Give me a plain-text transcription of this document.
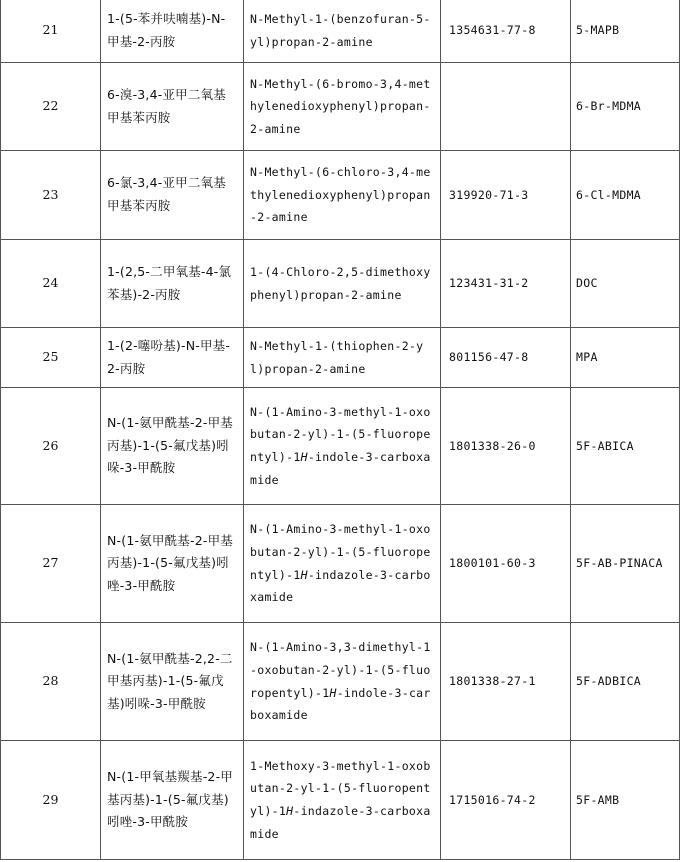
21	1-(5-苯并呋喃基)-N-甲基-2-丙胺	N-Methyl-1-(benzofuran-5-yl)propan-2-amine	1354631-77-8	5-MAPB
22	6-溴-3,4-亚甲二氧基甲基苯丙胺	N-Methyl-(6-bromo-3,4-methylenedioxyphenyl)propan-2-amine		6-Br-MDMA
23	6-氯-3,4-亚甲二氧基甲基苯丙胺	N-Methyl-(6-chloro-3,4-methylenedioxyphenyl)propan-2-amine	319920-71-3	6-Cl-MDMA
24	1-(2,5-二甲氧基-4-氯苯基)-2-丙胺	1-(4-Chloro-2,5-dimethoxyphenyl)propan-2-amine	123431-31-2	DOC
25	1-(2-噻吩基)-N-甲基-2-丙胺	N-Methyl-1-(thiophen-2-yl)propan-2-amine	801156-47-8	MPA
26	N-(1-氨甲酰基-2-甲基丙基)-1-(5-氟戊基)吲哚-3-甲酰胺	N-(1-Amino-3-methyl-1-oxobutan-2-yl)-1-(5-fluoropentyl)-1H-indole-3-carboxamide	1801338-26-0	5F-ABICA
27	N-(1-氨甲酰基-2-甲基丙基)-1-(5-氟戊基)吲唑-3-甲酰胺	N-(1-Amino-3-methyl-1-oxobutan-2-yl)-1-(5-fluoropentyl)-1H-indazole-3-carboxamide	1800101-60-3	5F-AB-PINACA
28	N-(1-氨甲酰基-2,2-二甲基丙基)-1-(5-氟戊基)吲哚-3-甲酰胺	N-(1-Amino-3,3-dimethyl-1-oxobutan-2-yl)-1-(5-fluoropentyl)-1H-indole-3-carboxamide	1801338-27-1	5F-ADBICA
29	N-(1-甲氧基羰基-2-甲基丙基)-1-(5-氟戊基)吲唑-3-甲酰胺	1-Methoxy-3-methyl-1-oxobutan-2-yl-1-(5-fluoropentyl)-1H-indazole-3-carboxamide	1715016-74-2	5F-AMB
